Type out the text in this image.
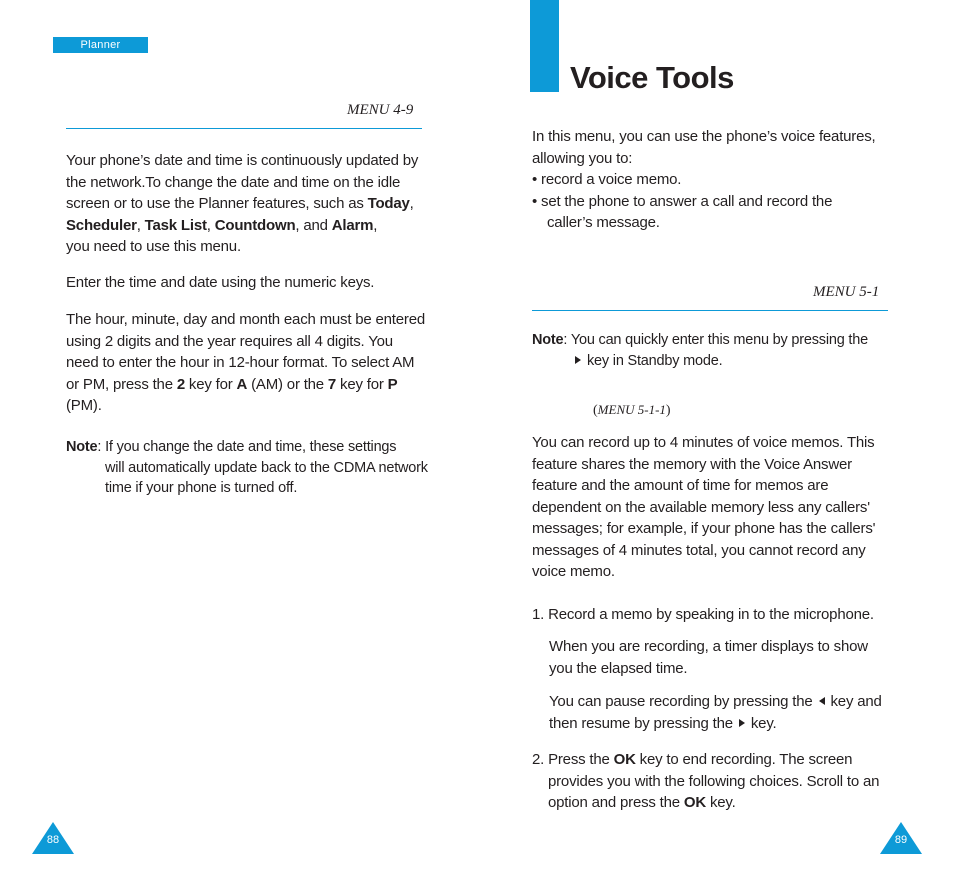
Planner
MENU 4-9

Your phone’s date and time is continuously updated by the network.To change the date and time on the idle screen or to use the Planner features, such as Today, Scheduler, Task List, Countdown, and Alarm,
you need to use this menu.

Enter the time and date using the numeric keys.

The hour, minute, day and month each must be entered using 2 digits and the year requires all 4 digits. You need to enter the hour in 12-hour format. To select AM or PM, press the 2 key for A (AM) or the 7 key for P (PM).

Note: If you change the date and time, these settings

will automatically update back to the CDMA network time if your phone is turned off.

88
Voice Tools

In this menu, you can use the phone’s voice features, allowing you to:

• record a voice memo.

• set the phone to answer a call and record the

caller’s message.

MENU 5-1

Note: You can quickly enter this menu by pressing the

key in Standby mode.

(MENU 5-1-1)

You can record up to 4 minutes of voice memos. This feature shares the memory with the Voice Answer feature and the amount of time for memos are dependent on the available memory less any callers' messages; for example, if your phone has the callers' messages of 4 minutes total, you cannot record any voice memo.

1. Record a memo by speaking in to the microphone.

When you are recording, a timer displays to show you the elapsed time.

You can pause recording by pressing the key and then resume by pressing the key.

2. Press the OK key to end recording. The screen provides you with the following choices. Scroll to an option and press the OK key.

89
